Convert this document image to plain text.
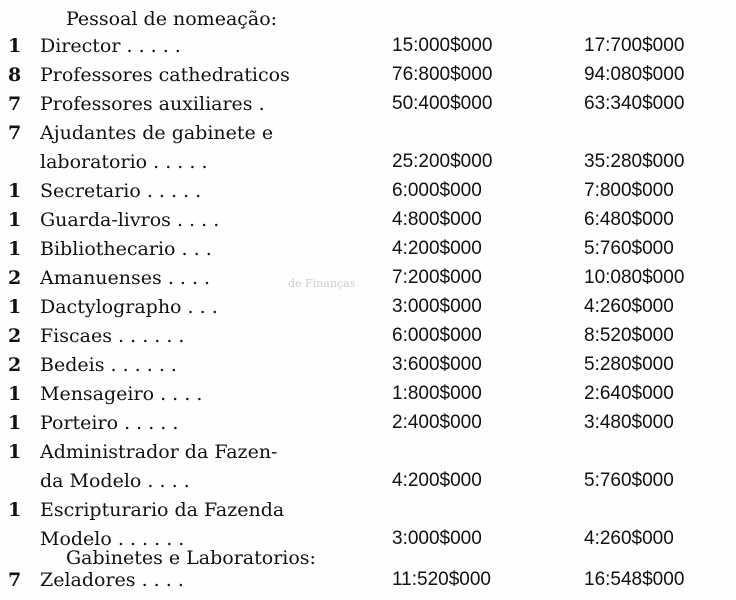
Pessoal de nomeação:
1 Director . . . . .	15:000$000	17:700$000
8 Professores cathedraticos	76:800$000	94:080$000
7 Professores auxiliares .	50:400$000	63:340$000
7 Ajudantes de gabinete e
laboratorio . . . . .	25:200$000	35:280$000
1 Secretario . . . . .	6:000$000	7:800$000
1 Guarda-livros . . . .	4:800$000	6:480$000
1 Bibliothecario . . .	4:200$000	5:760$000
2 Amanuenses . . . .	7:200$000	10:080$000
1 Dactylographo . . .	3:000$000	4:260$000
2 Fiscaes . . . . . .	6:000$000	8:520$000
2 Bedeis . . . . . .	3:600$000	5:280$000
1 Mensageiro . . . .	1:800$000	2:640$000
1 Porteiro . . . . .	2:400$000	3:480$000
1 Administrador da Fazen-
da Modelo . . . .	4:200$000	5:760$000
1 Escripturario da Fazenda
Modelo . . . . . .	3:000$000	4:260$000
7 Zeladores . . . .	11:520$000	16:548$000
Gabinetes e Laboratorios:
de Finanças
